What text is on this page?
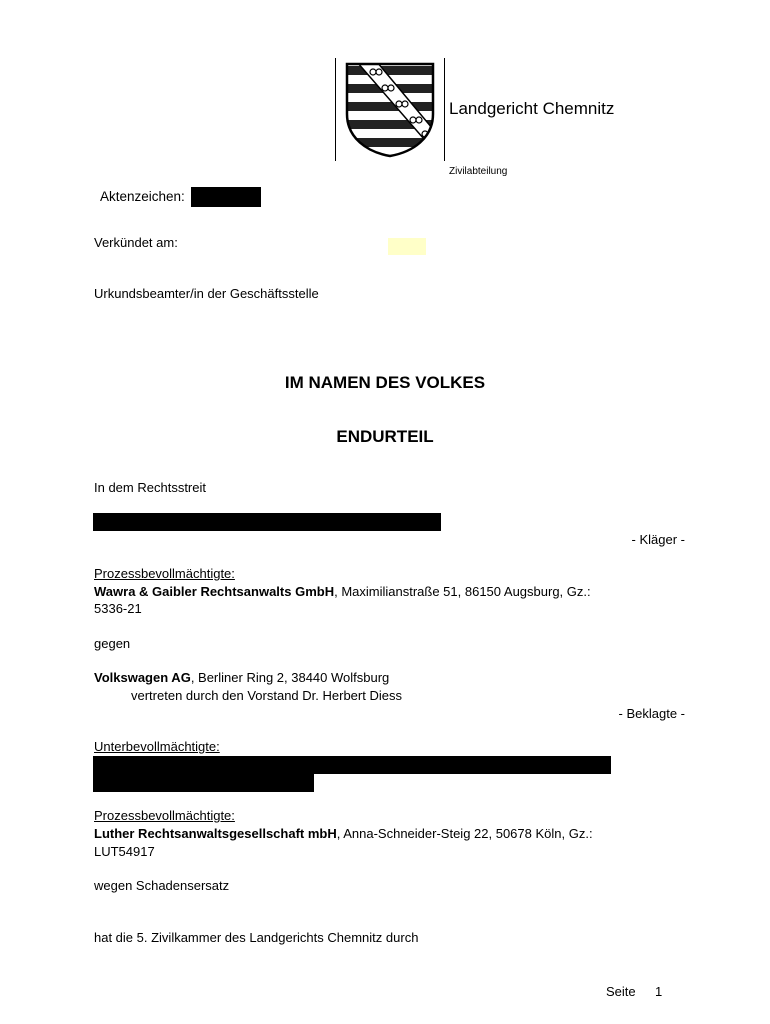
Landgericht Chemnitz
Zivilabteilung
Aktenzeichen:
Verkündet am:
Urkundsbeamter/in der Geschäftsstelle
IM NAMEN DES VOLKES
ENDURTEIL
In dem Rechtsstreit
- Kläger -
Prozessbevollmächtigte:
Wawra & Gaibler Rechtsanwalts GmbH, Maximilianstraße 51, 86150 Augsburg, Gz.:
5336-21
gegen
Volkswagen AG, Berliner Ring 2, 38440 Wolfsburg
vertreten durch den Vorstand Dr. Herbert Diess
- Beklagte -
Unterbevollmächtigte:
Prozessbevollmächtigte:
Luther Rechtsanwaltsgesellschaft mbH, Anna-Schneider-Steig 22, 50678 Köln, Gz.:
LUT54917
wegen Schadensersatz
hat die 5. Zivilkammer des Landgerichts Chemnitz durch
Seite 1
